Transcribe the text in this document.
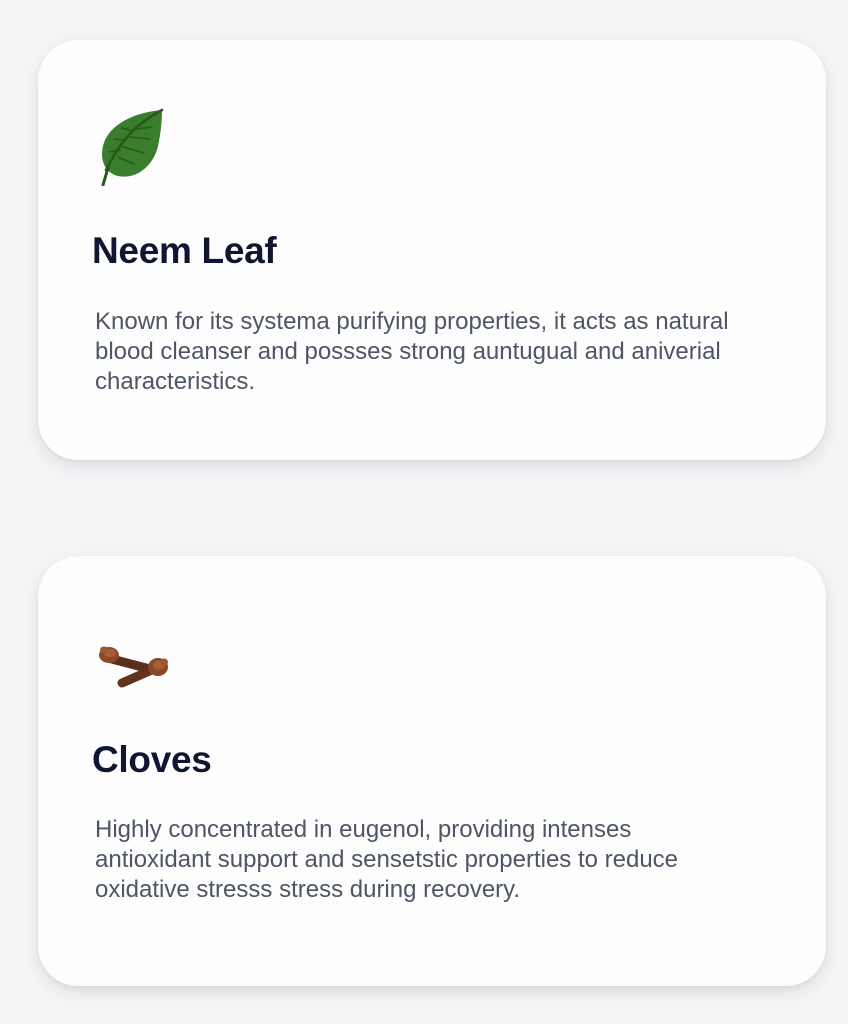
Neem Leaf

Known for its systema purifying properties, it acts as natural blood cleanser and possses strong auntugual and aniverial characteristics.

Cloves

Highly concentrated in eugenol, providing intenses antioxidant support and sensetstic properties to reduce oxidative stresss stress during recovery.
